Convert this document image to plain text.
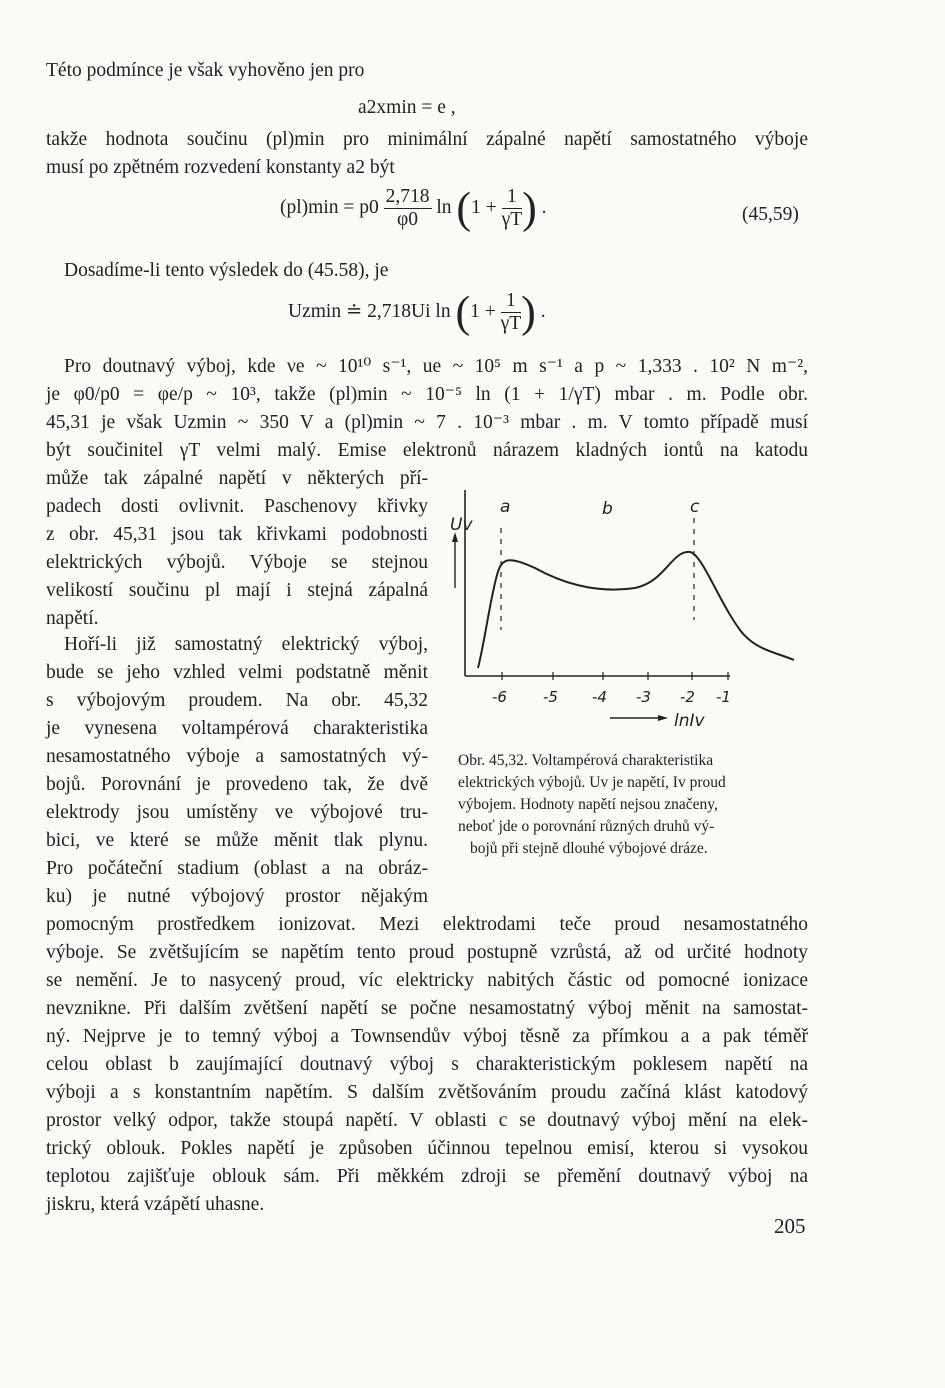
Této podmínce je však vyhověno jen pro
a2xmin = e ,
takže hodnota součinu (pl)min pro minimální zápalné napětí samostatného výboje
musí po zpětném rozvedení konstanty a2 být
$(pl)\min = p0 \frac{2,718}{\varphi 0}$ $\ln (1 + \frac{1}{\gamma T}$ ) .	(45,59)
Dosadíme-li tento výsledek do (45.58), je
Uzmin ≐ 2,718Ui $\ln (1 + \frac{1}{\gamma T}$ ) .
Pro doutnavý výboj, kde νe ~ 10¹⁰ s⁻¹, ue ~ 10⁵ m s⁻¹ a p ~ 1,333 . 10² N m⁻²,
je φ0/p0 = φe/p ~ 10³, takže (pl)min ~ 10⁻⁵ ln (1 + 1/γT) mbar . m. Podle obr.
45,31 je však Uzmin ~ 350 V a (pl)min ~ 7 . 10⁻³ mbar . m. V tomto případě musí
být součinitel γT velmi malý. Emise elektronů nárazem kladných iontů na katodu
může tak zápalné napětí v některých pří-
padech dosti ovlivnit. Paschenovy křivky
z obr. 45,31 jsou tak křivkami podobnosti
elektrických výbojů. Výboje se stejnou
velikostí součinu pl mají i stejná zápalná
napětí.
Hoří-li již samostatný elektrický výboj,
bude se jeho vzhled velmi podstatně měnit
s výbojovým proudem. Na obr. 45,32
je vynesena voltampérová charakteristika
nesamostatného výboje a samostatných vý-
bojů. Porovnání je provedeno tak, že dvě
elektrody jsou umístěny ve výbojové tru-
bici, ve které se může měnit tlak plynu.
Pro počáteční stadium (oblast a na obráz-
ku) je nutné výbojový prostor nějakým
pomocným prostředkem ionizovat. Mezi elektrodami teče proud nesamostatného
výboje. Se zvětšujícím se napětím tento proud postupně vzrůstá, až od určité hodnoty
se nemění. Je to nasycený proud, víc elektricky nabitých částic od pomocné ionizace
nevznikne. Při dalším zvětšení napětí se počne nesamostatný výboj měnit na samostat-
ný. Nejprve je to temný výboj a Townsendův výboj těsně za přímkou a a pak téměř
celou oblast b zaujímající doutnavý výboj s charakteristickým poklesem napětí na
výboji a s konstantním napětím. S dalším zvětšováním proudu začíná klást katodový
prostor velký odpor, takže stoupá napětí. V oblasti c se doutnavý výboj mění na elek-
trický oblouk. Pokles napětí je způsoben účinnou tepelnou emisí, kterou si vysokou
teplotou zajišťuje oblouk sám. Při měkkém zdroji se přemění doutnavý výboj na
jiskru, která vzápětí uhasne.
Uv
a	b	c
-6 -5 -4 -3 -2 -1
lnIv
Obr. 45,32. Voltampérová charakteristika
elektrických výbojů. Uv je napětí, Iv proud
výbojem. Hodnoty napětí nejsou značeny,
neboť jde o porovnání různých druhů vý-
bojů při stejně dlouhé výbojové dráze.
205
